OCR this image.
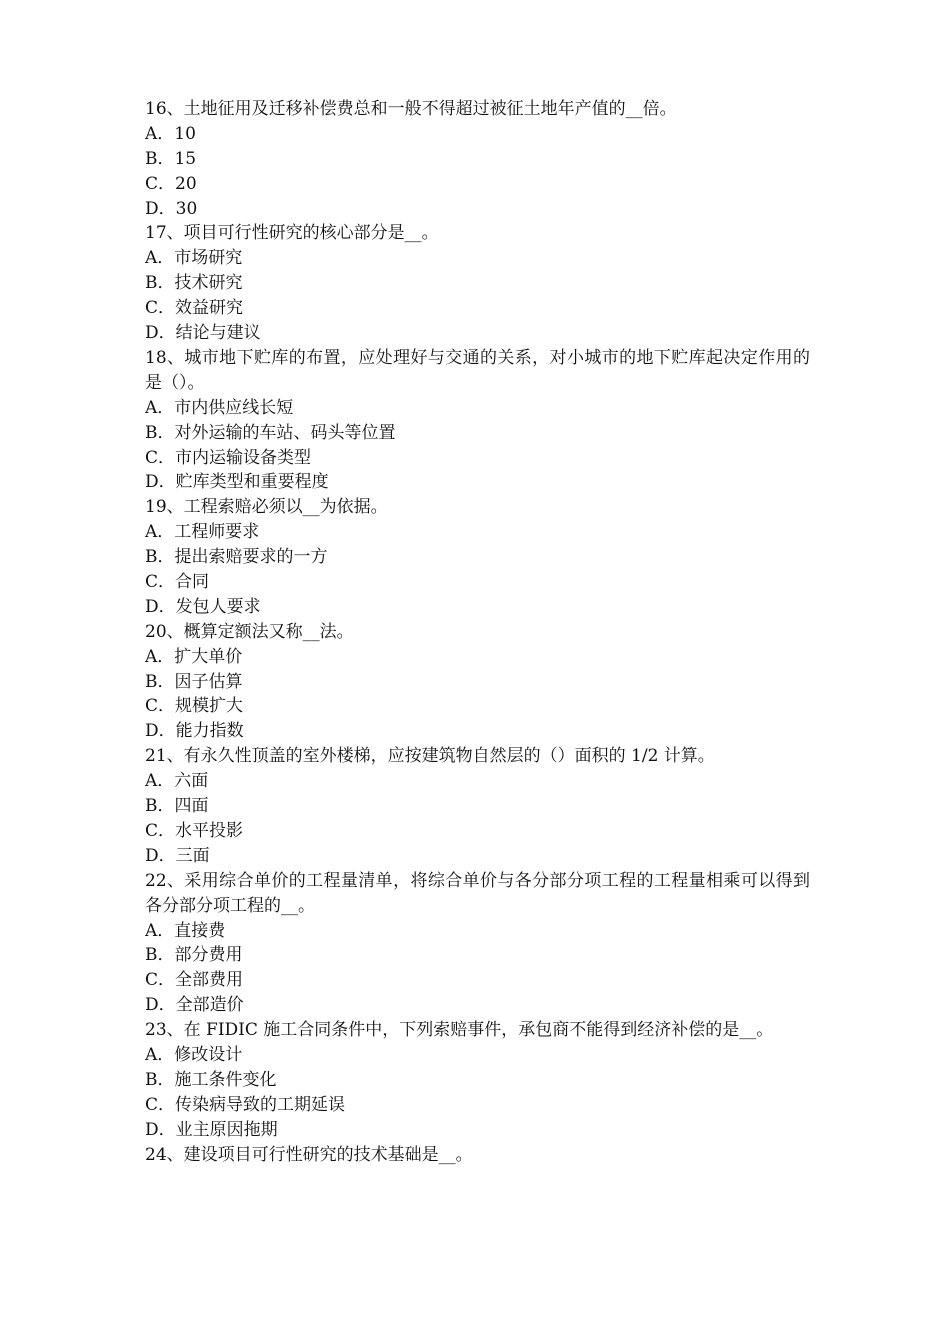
16、土地征用及迁移补偿费总和一般不得超过被征土地年产值的__倍。
A．10
B．15
C．20
D．30
17、项目可行性研究的核心部分是__。
A．市场研究
B．技术研究
C．效益研究
D．结论与建议
18、城市地下贮库的布置，应处理好与交通的关系，对小城市的地下贮库起决定作用的是（）。
A．市内供应线长短
B．对外运输的车站、码头等位置
C．市内运输设备类型
D．贮库类型和重要程度
19、工程索赔必须以__为依据。
A．工程师要求
B．提出索赔要求的一方
C．合同
D．发包人要求
20、概算定额法又称__法。
A．扩大单价
B．因子估算
C．规模扩大
D．能力指数
21、有永久性顶盖的室外楼梯，应按建筑物自然层的（）面积的 1/2 计算。
A．六面
B．四面
C．水平投影
D．三面
22、采用综合单价的工程量清单，将综合单价与各分部分项工程的工程量相乘可以得到各分部分项工程的__。
A．直接费
B．部分费用
C．全部费用
D．全部造价
23、在 FIDIC 施工合同条件中，下列索赔事件，承包商不能得到经济补偿的是__。
A．修改设计
B．施工条件变化
C．传染病导致的工期延误
D．业主原因拖期
24、建设项目可行性研究的技术基础是__。
